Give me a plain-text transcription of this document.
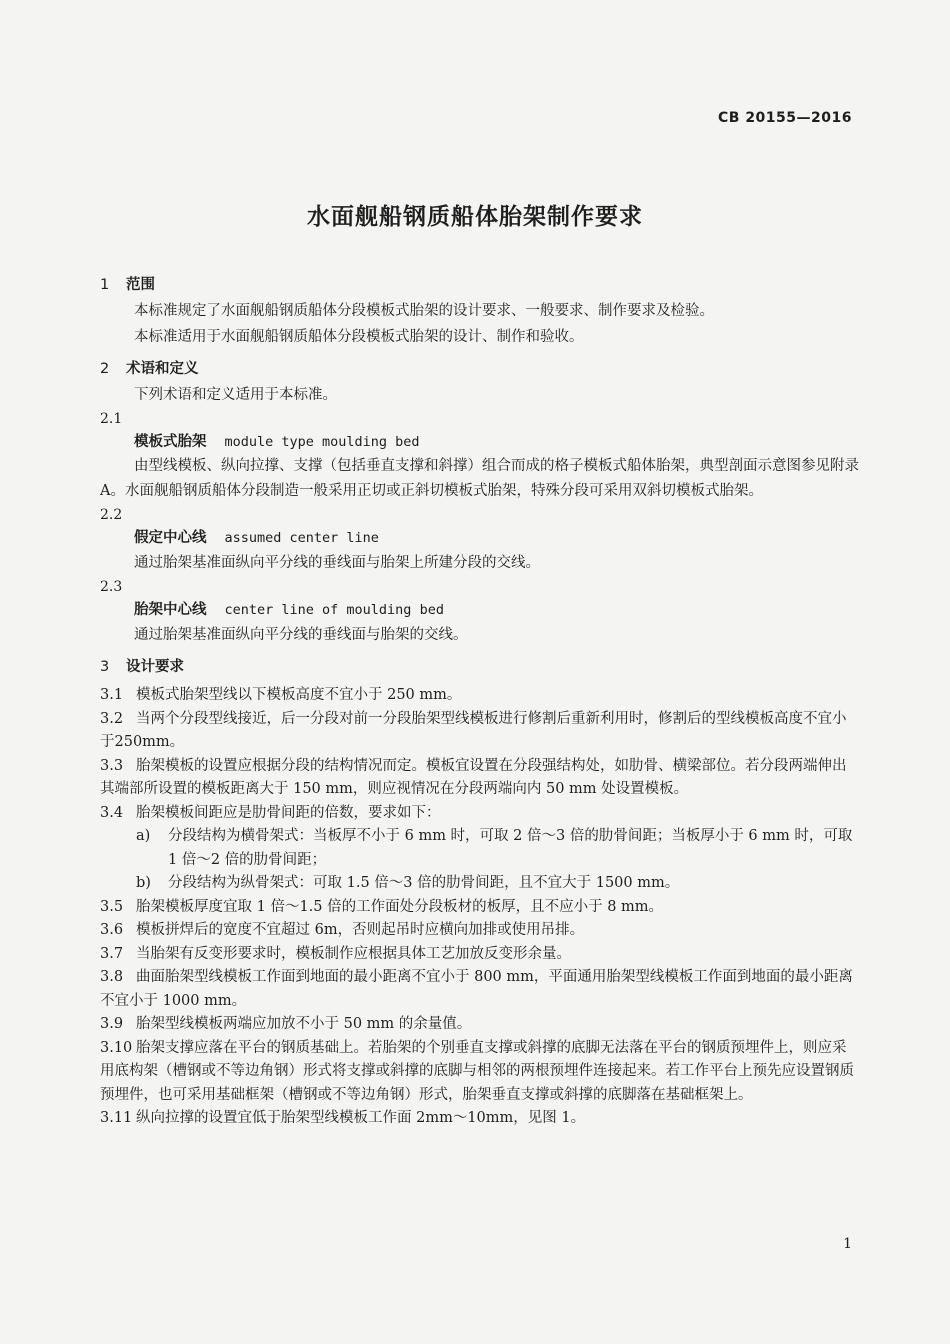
CB 20155—2016
水面舰船钢质船体胎架制作要求
1 范围

本标准规定了水面舰船钢质船体分段模板式胎架的设计要求、一般要求、制作要求及检验。

本标准适用于水面舰船钢质船体分段模板式胎架的设计、制作和验收。

2 术语和定义

下列术语和定义适用于本标准。

2.1

模板式胎架 module type moulding bed

由型线模板、纵向拉撑、支撑（包括垂直支撑和斜撑）组合而成的格子模板式船体胎架，典型剖面示意图参见附录A。水面舰船钢质船体分段制造一般采用正切或正斜切模板式胎架，特殊分段可采用双斜切模板式胎架。

2.2

假定中心线 assumed center line

通过胎架基准面纵向平分线的垂线面与胎架上所建分段的交线。

2.3

胎架中心线 center line of moulding bed

通过胎架基准面纵向平分线的垂线面与胎架的交线。

3 设计要求

3.1 模板式胎架型线以下模板高度不宜小于 250 mm。

3.2 当两个分段型线接近，后一分段对前一分段胎架型线模板进行修割后重新利用时，修割后的型线模板高度不宜小于250mm。

3.3 胎架模板的设置应根据分段的结构情况而定。模板宜设置在分段强结构处，如肋骨、横梁部位。若分段两端伸出其端部所设置的模板距离大于 150 mm，则应视情况在分段两端向内 50 mm 处设置模板。

3.4 胎架模板间距应是肋骨间距的倍数，要求如下：

a) 分段结构为横骨架式：当板厚不小于 6 mm 时，可取 2 倍～3 倍的肋骨间距；当板厚小于 6 mm 时，可取 1 倍～2 倍的肋骨间距；

b) 分段结构为纵骨架式：可取 1.5 倍～3 倍的肋骨间距，且不宜大于 1500 mm。

3.5 胎架模板厚度宜取 1 倍～1.5 倍的工作面处分段板材的板厚，且不应小于 8 mm。

3.6 模板拼焊后的宽度不宜超过 6m，否则起吊时应横向加排或使用吊排。

3.7 当胎架有反变形要求时，模板制作应根据具体工艺加放反变形余量。

3.8 曲面胎架型线模板工作面到地面的最小距离不宜小于 800 mm，平面通用胎架型线模板工作面到地面的最小距离不宜小于 1000 mm。

3.9 胎架型线模板两端应加放不小于 50 mm 的余量值。

3.10 胎架支撑应落在平台的钢质基础上。若胎架的个别垂直支撑或斜撑的底脚无法落在平台的钢质预埋件上，则应采用底构架（槽钢或不等边角钢）形式将支撑或斜撑的底脚与相邻的两根预埋件连接起来。若工作平台上预先应设置钢质预埋件，也可采用基础框架（槽钢或不等边角钢）形式，胎架垂直支撑或斜撑的底脚落在基础框架上。

3.11 纵向拉撑的设置宜低于胎架型线模板工作面 2mm～10mm，见图 1。

1
